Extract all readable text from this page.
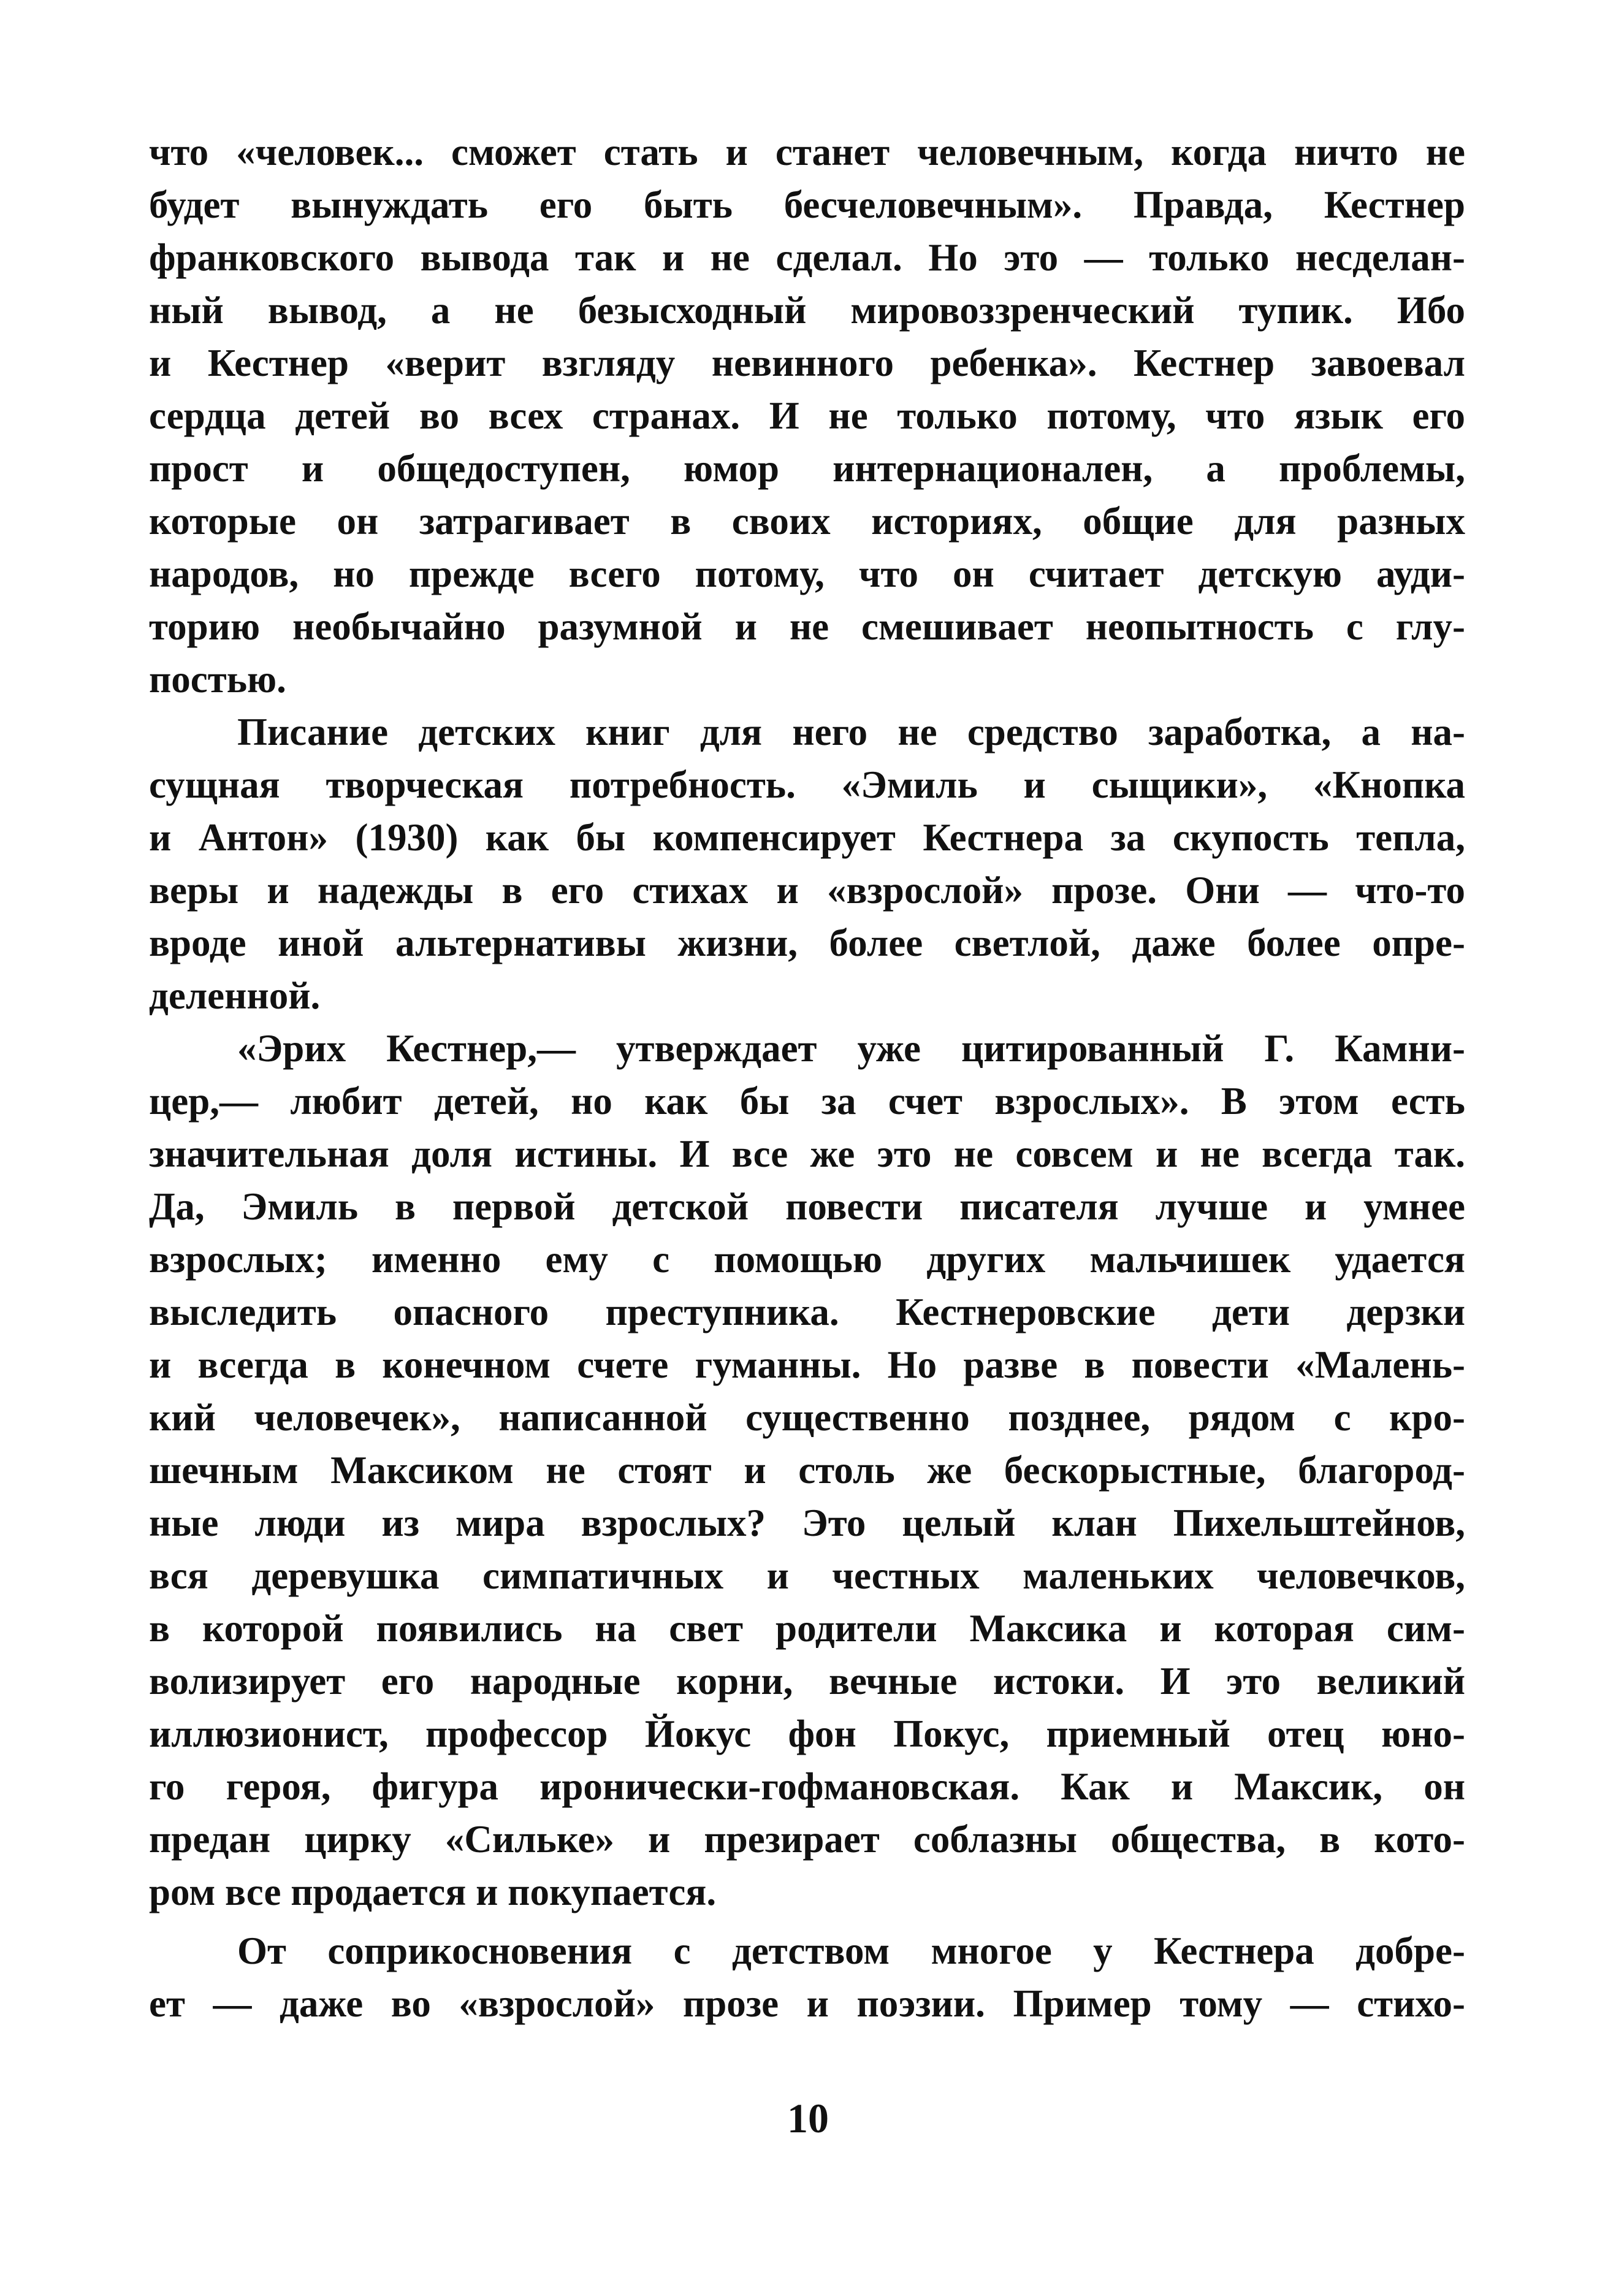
что «человек... сможет стать и станет человечным, когда ничто не
будет вынуждать его быть бесчеловечным». Правда, Кестнер
франковского вывода так и не сделал. Но это — только несделан-
ный вывод, а не безысходный мировоззренческий тупик. Ибо
и Кестнер «верит взгляду невинного ребенка». Кестнер завоевал
сердца детей во всех странах. И не только потому, что язык его
прост и общедоступен, юмор интернационален, а проблемы,
которые он затрагивает в своих историях, общие для разных
народов, но прежде всего потому, что он считает детскую ауди-
торию необычайно разумной и не смешивает неопытность с глу-
постью.
Писание детских книг для него не средство заработка, а на-
сущная творческая потребность. «Эмиль и сыщики», «Кнопка
и Антон» (1930) как бы компенсирует Кестнера за скупость тепла,
веры и надежды в его стихах и «взрослой» прозе. Они — что-то
вроде иной альтернативы жизни, более светлой, даже более опре-
деленной.
«Эрих Кестнер,— утверждает уже цитированный Г. Камни-
цер,— любит детей, но как бы за счет взрослых». В этом есть
значительная доля истины. И все же это не совсем и не всегда так.
Да, Эмиль в первой детской повести писателя лучше и умнее
взрослых; именно ему с помощью других мальчишек удается
выследить опасного преступника. Кестнеровские дети дерзки
и всегда в конечном счете гуманны. Но разве в повести «Малень-
кий человечек», написанной существенно позднее, рядом с кро-
шечным Максиком не стоят и столь же бескорыстные, благород-
ные люди из мира взрослых? Это целый клан Пихельштейнов,
вся деревушка симпатичных и честных маленьких человечков,
в которой появились на свет родители Максика и которая сим-
волизирует его народные корни, вечные истоки. И это великий
иллюзионист, профессор Йокус фон Покус, приемный отец юно-
го героя, фигура иронически-гофмановская. Как и Максик, он
предан цирку «Сильке» и презирает соблазны общества, в кото-
ром все продается и покупается.
От соприкосновения с детством многое у Кестнера добре-
ет — даже во «взрослой» прозе и поэзии. Пример тому — стихо-
10
